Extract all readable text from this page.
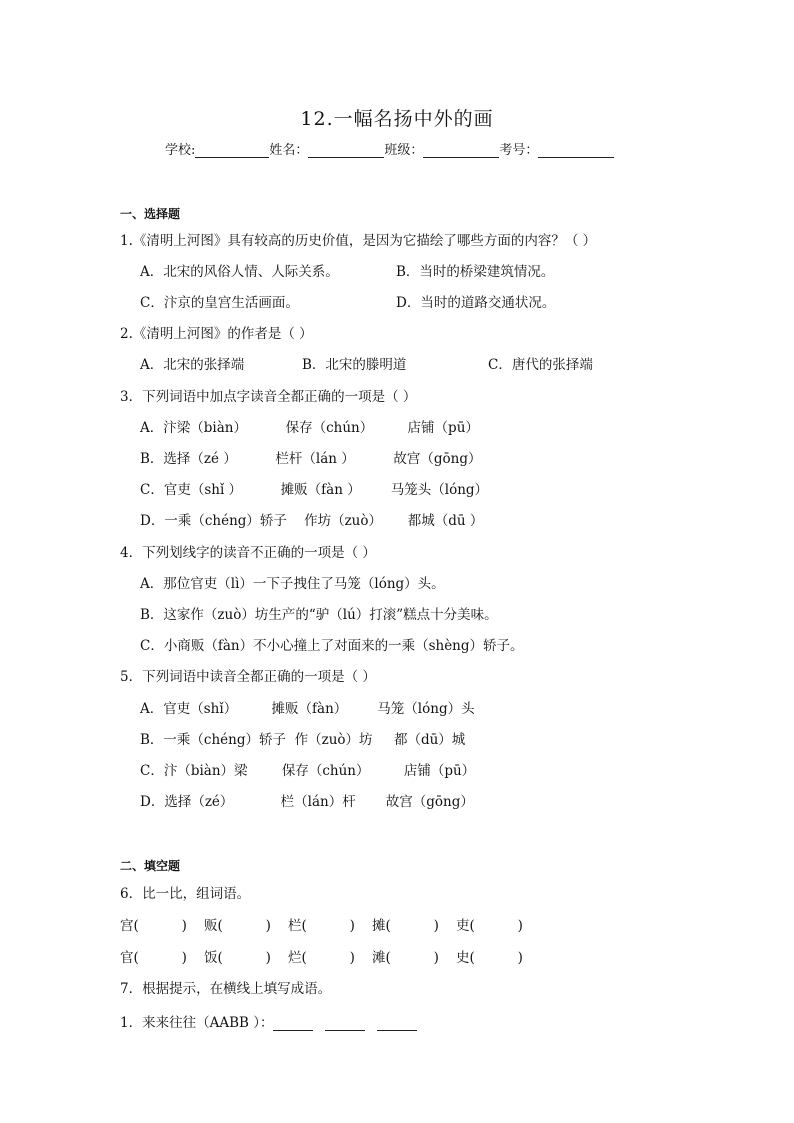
12.一幅名扬中外的画
学校:	姓名：	班级：	考号：
一、选择题
1.《清明上河图》具有较高的历史价值，是因为它描绘了哪些方面的内容？（ ）
A．北宋的风俗人情、人际关系。	B．当时的桥梁建筑情况。
C．汴京的皇宫生活画面。	D．当时的道路交通状况。
2.《清明上河图》的作者是（ ）
A．北宋的张择端	B．北宋的滕明道	C．唐代的张择端
3．下列词语中加点字读音全都正确的一项是（ ）
A．汴梁（biàn）         保存（chún）        店铺（pū）
B．选择（zé ）         栏杆（lán ）         故宫（gōng）
C．官吏（shǐ ）         摊贩（fàn ）       马笼头（lóng）
D．一乘（chéng）轿子    作坊（zuò）      都城（dū ）
4．下列划线字的读音不正确的一项是（ ）
A．那位官吏（lì）一下子拽住了马笼（lóng）头。
B．这家作（zuò）坊生产的“驴（lú）打滚”糕点十分美味。
C．小商贩（fàn）不小心撞上了对面来的一乘（shèng）轿子。
5．下列词语中读音全都正确的一项是（ ）
A．官吏（shǐ）        摊贩（fàn）       马笼（lóng）头
B．一乘（chéng）轿子  作（zuò）坊     都（dū）城
C．汴（biàn）梁        保存（chún）        店铺（pū）
D．选择（zé）           栏（lán）杆       故宫（gōng）
二、填空题
6．比一比，组词语。
宫(          ) 贩(          ) 栏(          ) 摊(          ) 吏(          )
官(          ) 饭(          ) 烂(          ) 滩(          ) 史(          )
7．根据提示，在横线上填写成语。
1．来来往往（AABB ）：
